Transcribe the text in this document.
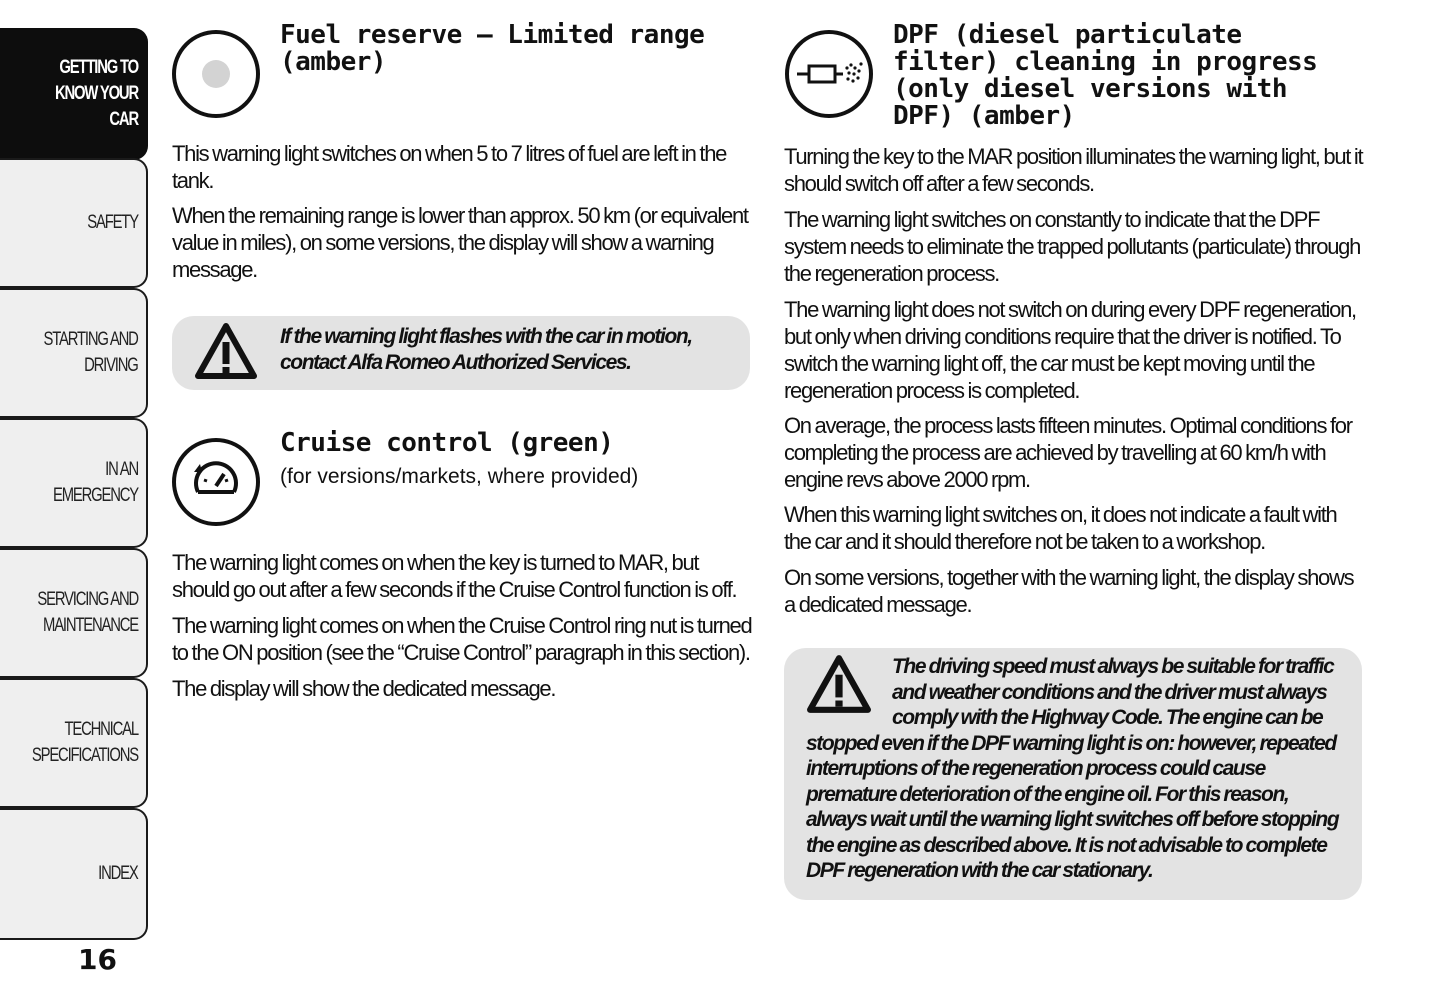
GETTING TO
KNOW YOUR CAR
SAFETY
STARTING AND
DRIVING
IN AN EMERGENCY
SERVICING AND
MAINTENANCE
TECHNICAL
SPECIFICATIONS
INDEX
16
Fuel reserve – Limited range (amber)

This warning light switches on when 5 to 7 litres of fuel are left in the tank.

When the remaining range is lower than approx. 50 km (or equivalent value in miles), on some versions, the display will show a warning message.

If the warning light flashes with the car in motion, contact Alfa Romeo Authorized Services.

Cruise control (green)
(for versions/markets, where provided)

The warning light comes on when the key is turned to MAR, but should go out after a few seconds if the Cruise Control function is off.

The warning light comes on when the Cruise Control ring nut is turned to the ON position (see the “Cruise Control” paragraph in this section).

The display will show the dedicated message.

DPF (diesel particulate filter) cleaning in progress (only diesel versions with DPF) (amber)

Turning the key to the MAR position illuminates the warning light, but it should switch off after a few seconds.

The warning light switches on constantly to indicate that the DPF system needs to eliminate the trapped pollutants (particulate) through the regeneration process.

The warning light does not switch on during every DPF regeneration, but only when driving conditions require that the driver is notified. To switch the warning light off, the car must be kept moving until the regeneration process is completed.

On average, the process lasts fifteen minutes. Optimal conditions for completing the process are achieved by travelling at 60 km/h with engine revs above 2000 rpm.

When this warning light switches on, it does not indicate a fault with the car and it should therefore not be taken to a workshop.

On some versions, together with the warning light, the display shows a dedicated message.

The driving speed must always be suitable for traffic and weather conditions and the driver must always comply with the Highway Code. The engine can be stopped even if the DPF warning light is on: however, repeated interruptions of the regeneration process could cause premature deterioration of the engine oil. For this reason, always wait until the warning light switches off before stopping the engine as described above. It is not advisable to complete DPF regeneration with the car stationary.
